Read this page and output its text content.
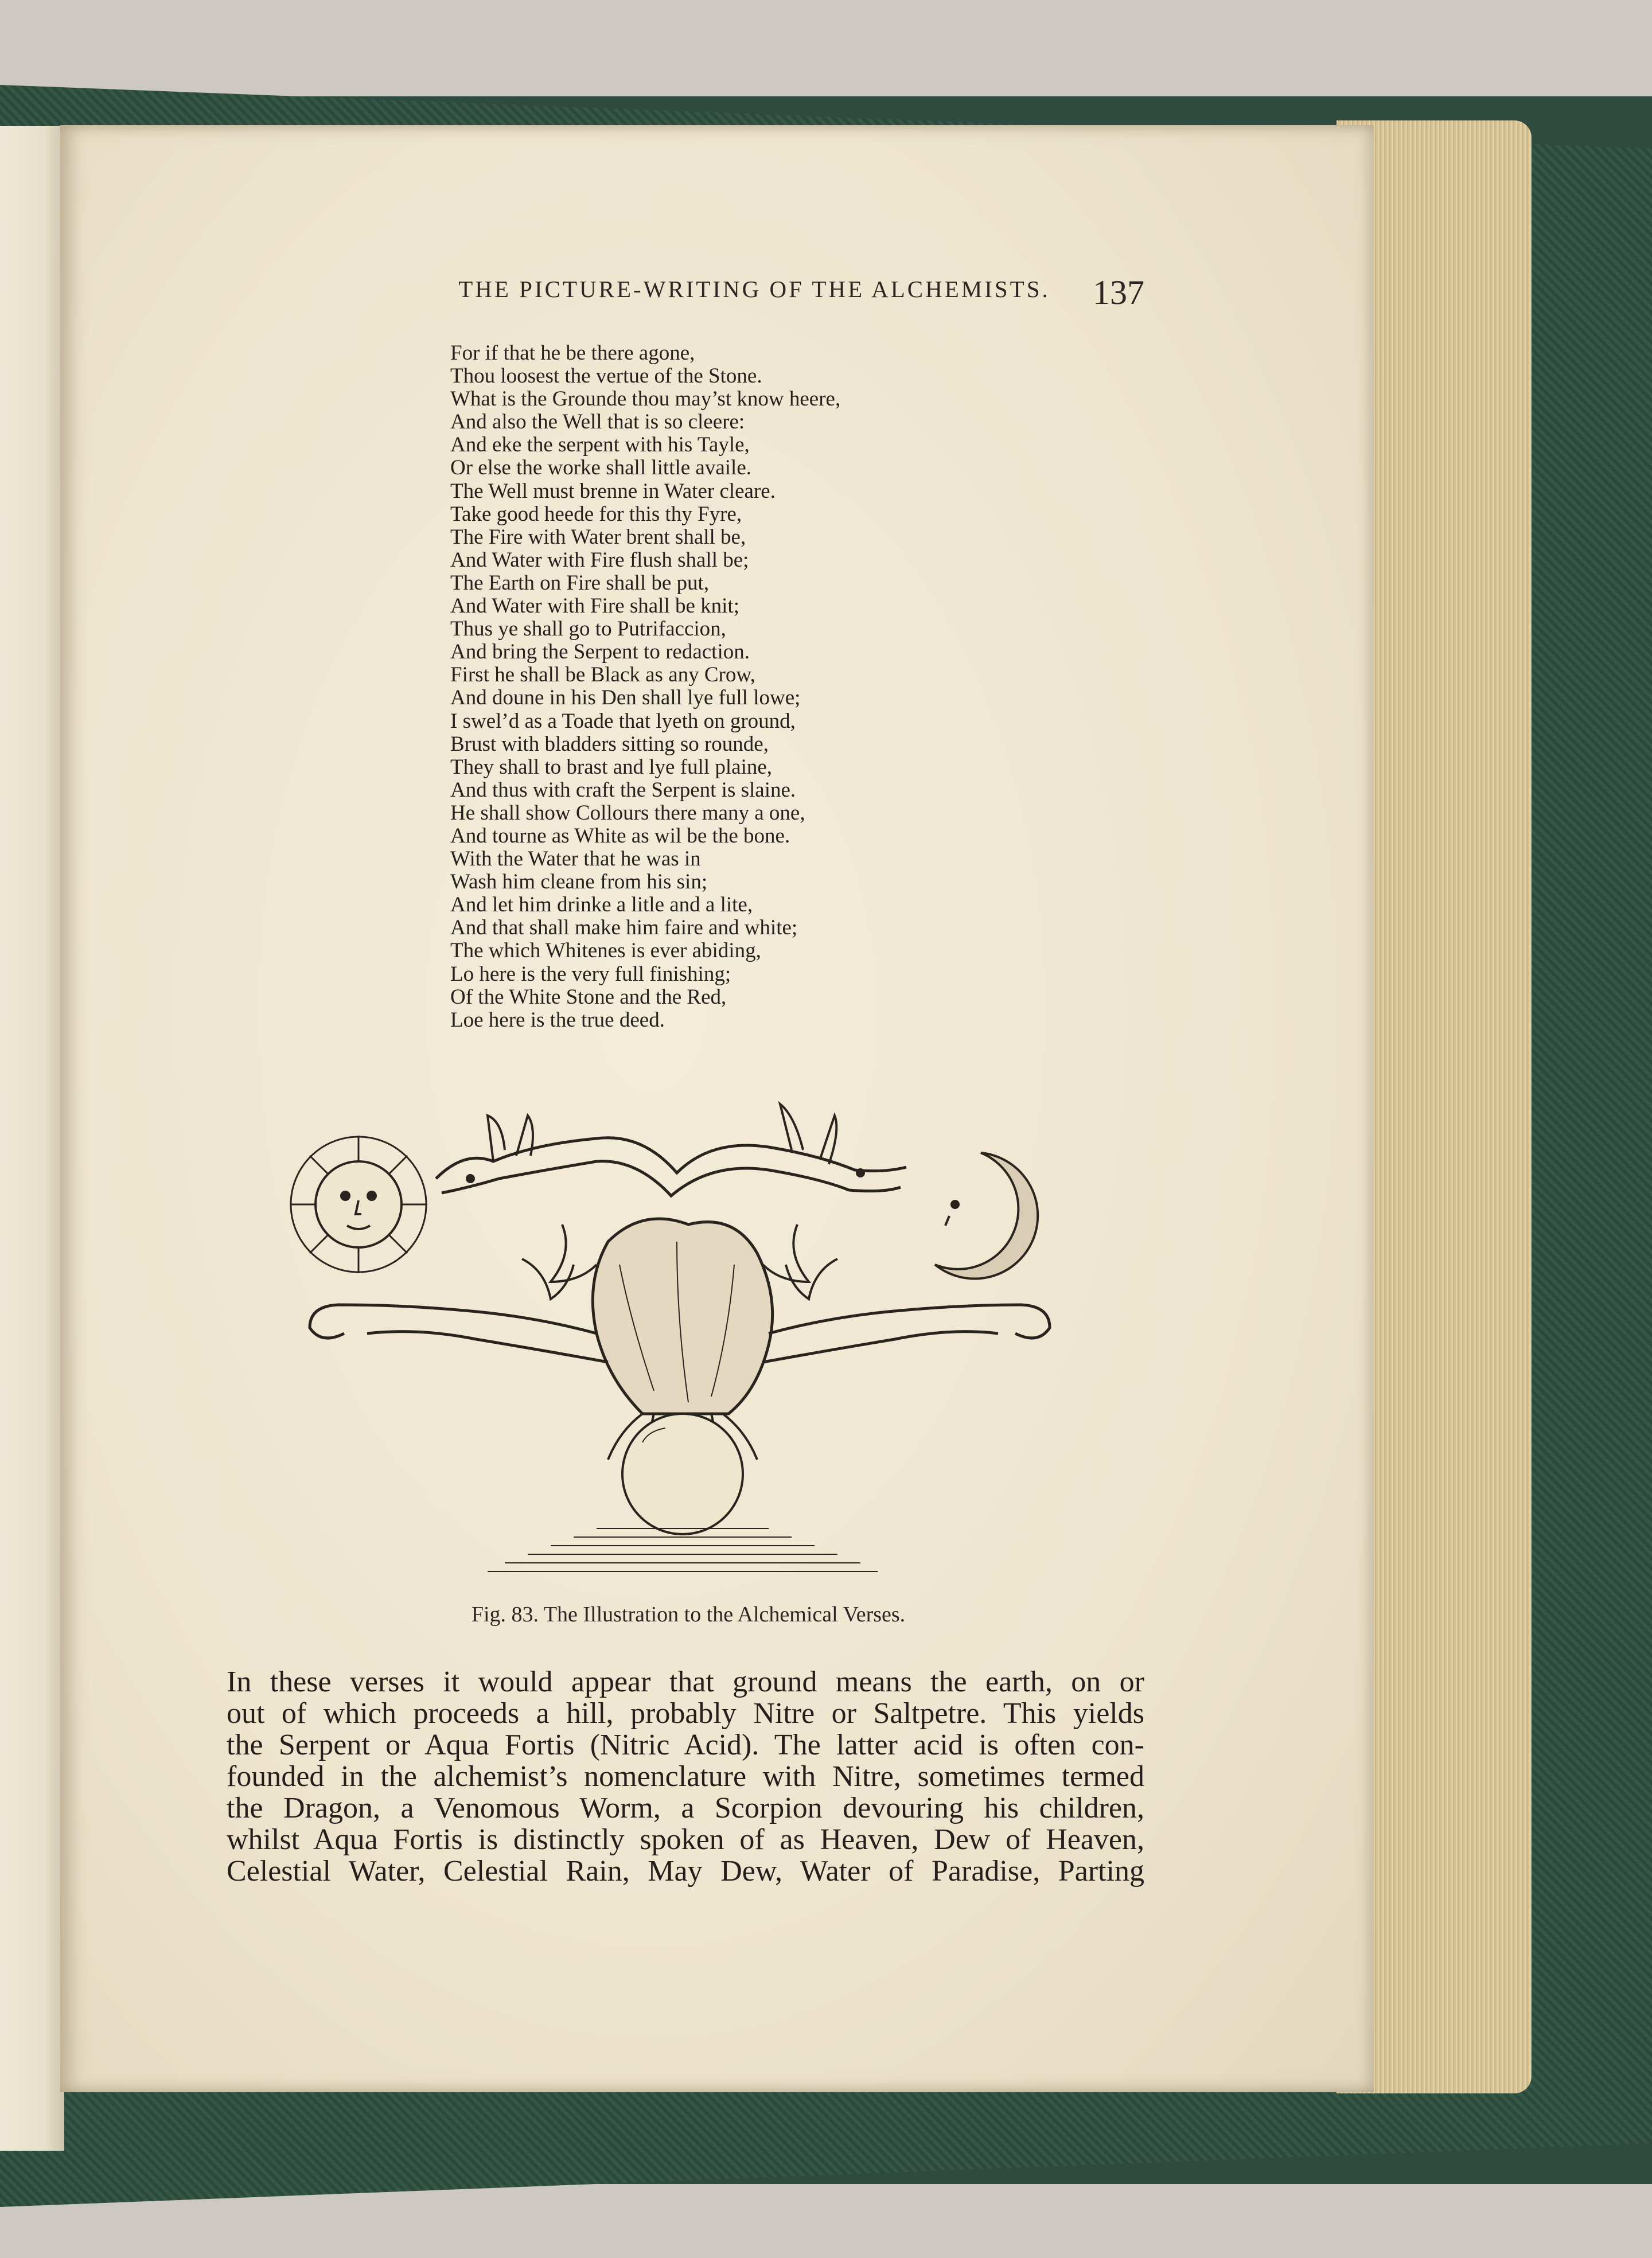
THE PICTURE-WRITING OF THE ALCHEMISTS.	137
For if that he be there agone,
Thou loosest the vertue of the Stone.
What is the Grounde thou may’st know heere,
And also the Well that is so cleere:
And eke the serpent with his Tayle,
Or else the worke shall little availe.
The Well must brenne in Water cleare.
Take good heede for this thy Fyre,
The Fire with Water brent shall be,
And Water with Fire flush shall be;
The Earth on Fire shall be put,
And Water with Fire shall be knit;
Thus ye shall go to Putrifaccion,
And bring the Serpent to redaction.
First he shall be Black as any Crow,
And doune in his Den shall lye full lowe;
I swel’d as a Toade that lyeth on ground,
Brust with bladders sitting so rounde,
They shall to brast and lye full plaine,
And thus with craft the Serpent is slaine.
He shall show Collours there many a one,
And tourne as White as wil be the bone.
With the Water that he was in
Wash him cleane from his sin;
And let him drinke a litle and a lite,
And that shall make him faire and white;
The which Whitenes is ever abiding,
Lo here is the very full finishing;
Of the White Stone and the Red,
Loe here is the true deed.
Fig. 83. The Illustration to the Alchemical Verses.
In these verses it would appear that ground means the earth, on or
out of which proceeds a hill, probably Nitre or Saltpetre. This yields
the Serpent or Aqua Fortis (Nitric Acid). The latter acid is often con-
founded in the alchemist’s nomenclature with Nitre, sometimes termed
the Dragon, a Venomous Worm, a Scorpion devouring his children,
whilst Aqua Fortis is distinctly spoken of as Heaven, Dew of Heaven,
Celestial Water, Celestial Rain, May Dew, Water of Paradise, Parting
